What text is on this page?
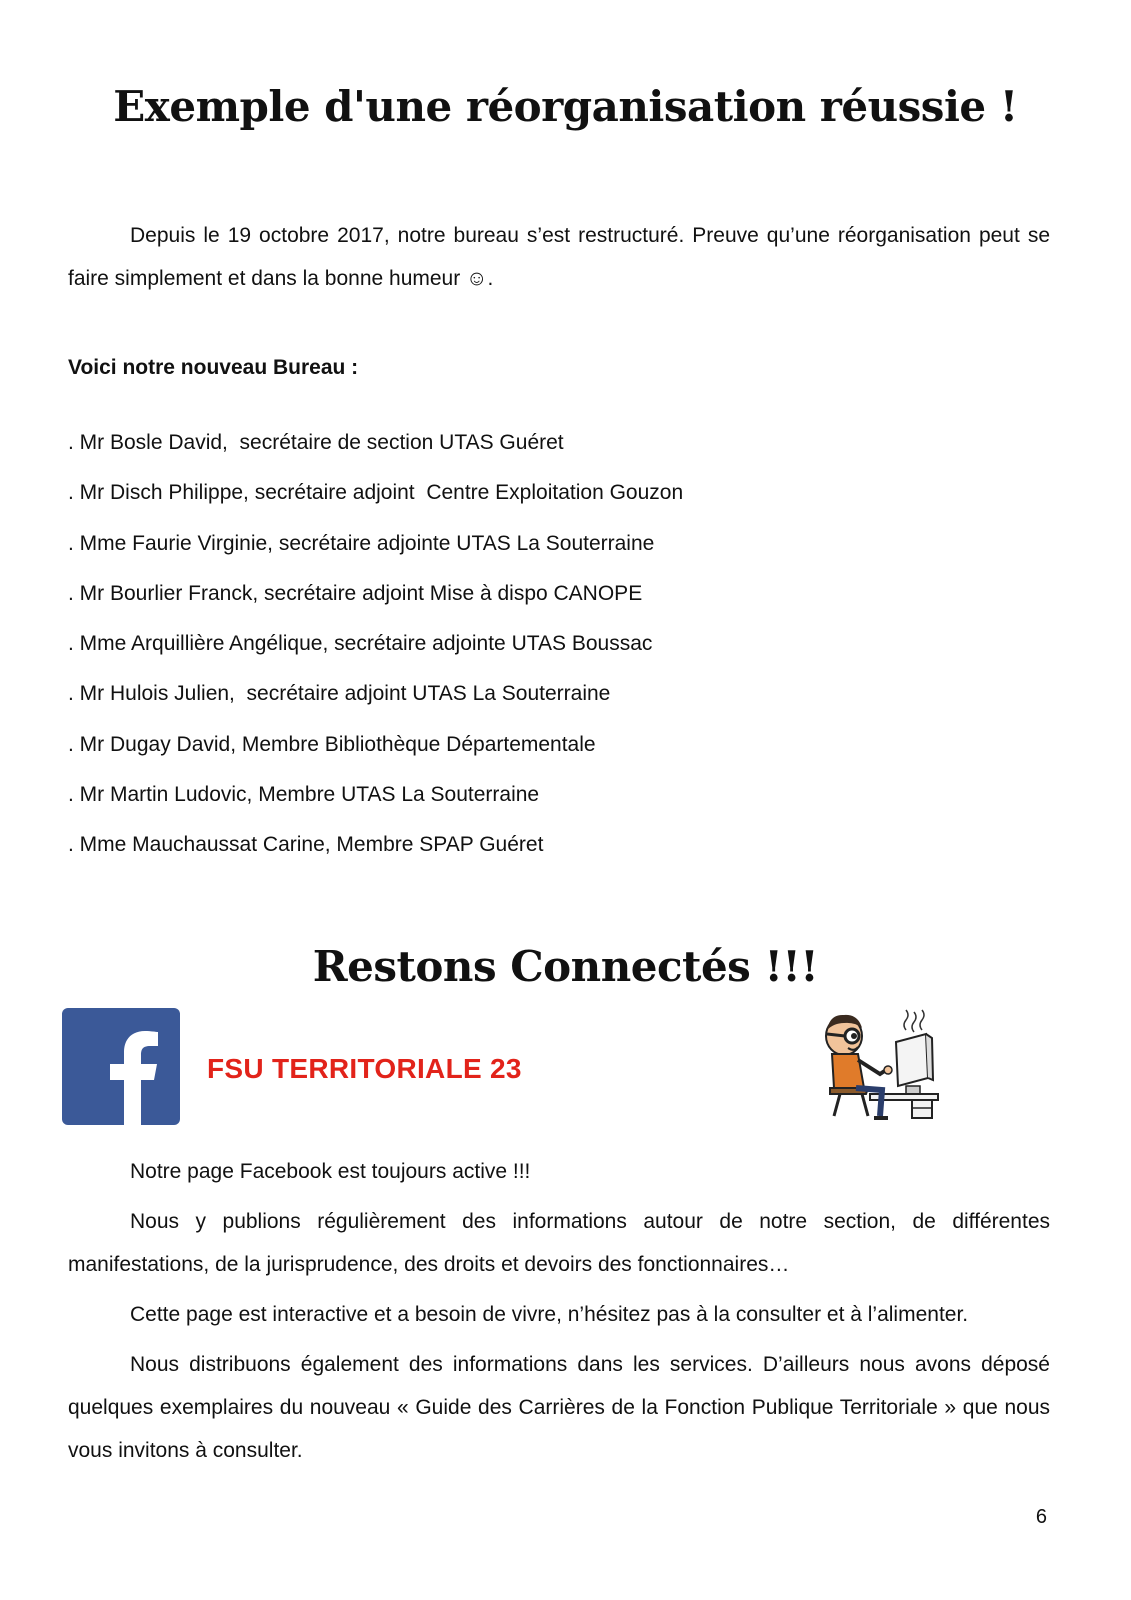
Exemple d'une réorganisation réussie !

Depuis le 19 octobre 2017, notre bureau s’est restructuré. Preuve qu’une réorganisation peut se faire simplement et dans la bonne humeur ☺.

Voici notre nouveau Bureau :

. Mr Bosle David,  secrétaire de section UTAS Guéret
. Mr Disch Philippe, secrétaire adjoint  Centre Exploitation Gouzon
. Mme Faurie Virginie, secrétaire adjointe UTAS La Souterraine
. Mr Bourlier Franck, secrétaire adjoint Mise à dispo CANOPE
. Mme Arquillière Angélique, secrétaire adjointe UTAS Boussac
. Mr Hulois Julien,  secrétaire adjoint UTAS La Souterraine
. Mr Dugay David, Membre Bibliothèque Départementale
. Mr Martin Ludovic, Membre UTAS La Souterraine
. Mme Mauchaussat Carine, Membre SPAP Guéret
Restons Connectés !!!
FSU TERRITORIALE 23

Notre page Facebook est toujours active !!!

Nous y publions régulièrement des informations autour de notre section, de différentes manifestations, de la jurisprudence, des droits et devoirs des fonctionnaires…

Cette page est interactive et a besoin de vivre, n’hésitez pas à la consulter et à l’alimenter.

Nous distribuons également des informations dans les services. D’ailleurs nous avons déposé quelques exemplaires du nouveau « Guide des Carrières de la Fonction Publique Territoriale » que nous vous invitons à consulter.

6
